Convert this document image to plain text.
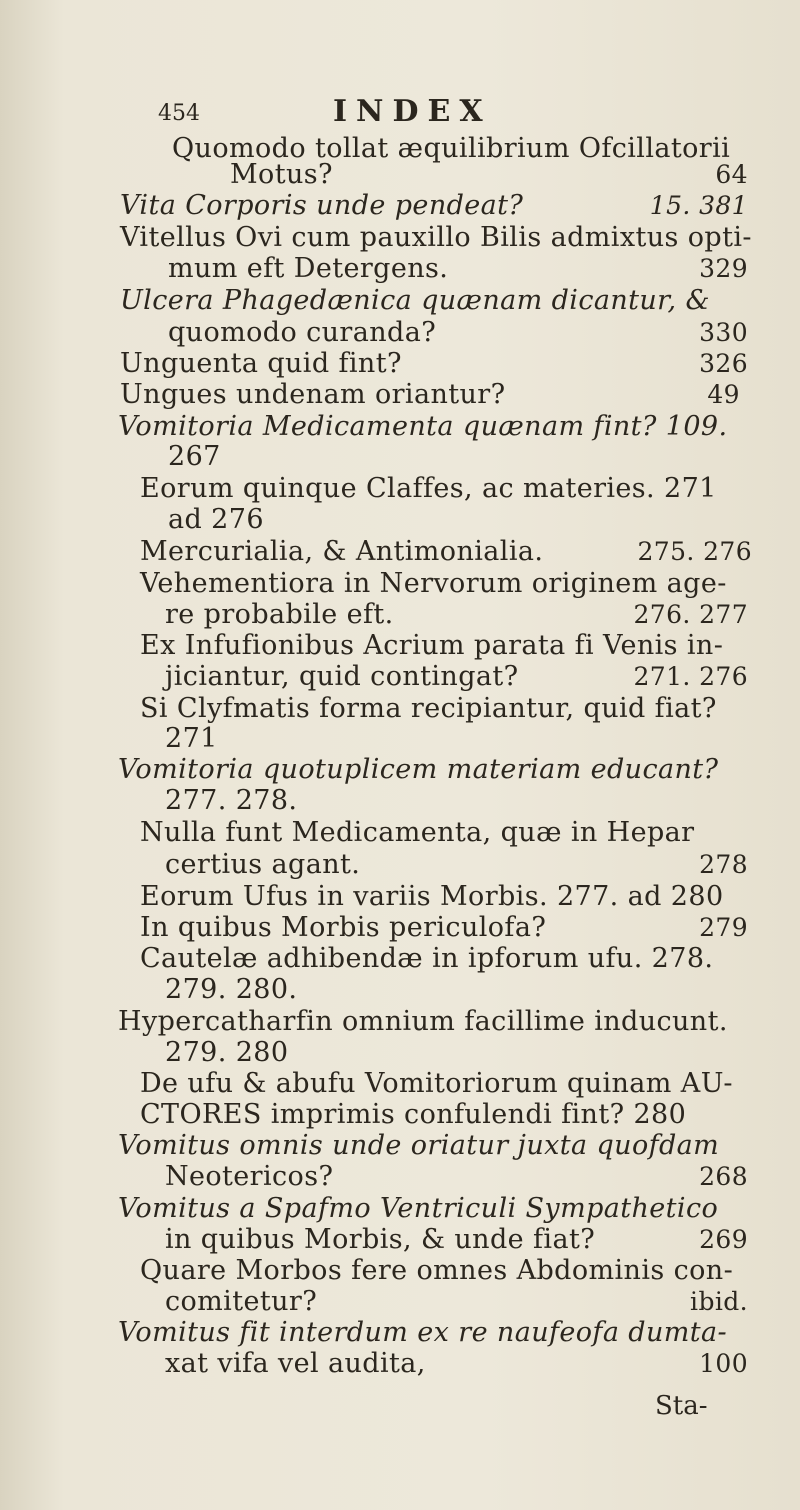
454	INDEX
Quomodo tollat æquilibrium Ofcillatorii
Motus?	64
Vita Corporis unde pendeat?	15. 381
Vitellus Ovi cum pauxillo Bilis admixtus opti-
mum eft Detergens.	329
Ulcera Phagedænica quænam dicantur, &
quomodo curanda?	330
Unguenta quid fint?	326
Ungues undenam oriantur?	49
Vomitoria Medicamenta quænam fint? 109.
267
Eorum quinque Claffes, ac materies. 271
ad 276
Mercurialia, & Antimonialia.	275. 276
Vehementiora in Nervorum originem age-
re probabile eft.	276. 277
Ex Infufionibus Acrium parata fi Venis in-
jiciantur, quid contingat?	271. 276
Si Clyfmatis forma recipiantur, quid fiat?
271
Vomitoria quotuplicem materiam educant?
277. 278.
Nulla funt Medicamenta, quæ in Hepar
certius agant.	278
Eorum Ufus in variis Morbis. 277. ad 280
In quibus Morbis periculofa?	279
Cautelæ adhibendæ in ipforum ufu. 278.
279. 280.
Hypercatharfin omnium facillime inducunt.
279. 280
De ufu & abufu Vomitoriorum quinam AU-
CTORES imprimis confulendi fint? 280
Vomitus omnis unde oriatur juxta quofdam
Neotericos?	268
Vomitus a Spafmo Ventriculi Sympathetico
in quibus Morbis, & unde fiat?	269
Quare Morbos fere omnes Abdominis con-
comitetur?	ibid.
Vomitus fit interdum ex re naufeofa dumta-
xat vifa vel audita,	100
Sta-
